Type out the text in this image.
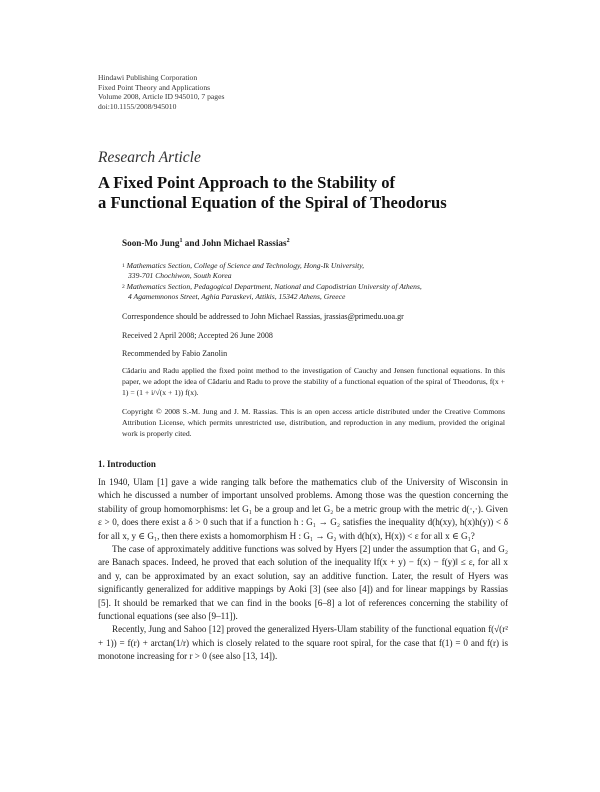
Hindawi Publishing Corporation
Fixed Point Theory and Applications
Volume 2008, Article ID 945010, 7 pages
doi:10.1155/2008/945010
Research Article
A Fixed Point Approach to the Stability of
a Functional Equation of the Spiral of Theodorus
Soon-Mo Jung$^1$ and John Michael Rassias$^2$
$^1$ Mathematics Section, College of Science and Technology, Hong-Ik University,
339-701 Chochiwon, South Korea
$^2$ Mathematics Section, Pedagogical Department, National and Capodistrian University of Athens,
4 Agamemnonos Street, Aghia Paraskevi, Attikis, 15342 Athens, Greece
Correspondence should be addressed to John Michael Rassias, jrassias@primedu.uoa.gr
Received 2 April 2008; Accepted 26 June 2008
Recommended by Fabio Zanolin
Cădariu and Radu applied the fixed point method to the investigation of Cauchy and Jensen functional equations. In this paper, we adopt the idea of Cădariu and Radu to prove the stability of a functional equation of the spiral of Theodorus, f(x + 1) = (1 + i/√(x + 1)) f(x).
Copyright © 2008 S.-M. Jung and J. M. Rassias. This is an open access article distributed under the Creative Commons Attribution License, which permits unrestricted use, distribution, and reproduction in any medium, provided the original work is properly cited.
1. Introduction

In 1940, Ulam [1] gave a wide ranging talk before the mathematics club of the University of Wisconsin in which he discussed a number of important unsolved problems. Among those was the question concerning the stability of group homomorphisms: let G₁ be a group and let G₂ be a metric group with the metric d(·,·). Given ε > 0, does there exist a δ > 0 such that if a function h : G₁ → G₂ satisfies the inequality d(h(xy), h(x)h(y)) < δ for all x, y ∈ G₁, then there exists a homomorphism H : G₁ → G₂ with d(h(x), H(x)) < ε for all x ∈ G₁?

The case of approximately additive functions was solved by Hyers [2] under the assumption that G₁ and G₂ are Banach spaces. Indeed, he proved that each solution of the inequality ‖f(x + y) − f(x) − f(y)‖ ≤ ε, for all x and y, can be approximated by an exact solution, say an additive function. Later, the result of Hyers was significantly generalized for additive mappings by Aoki [3] (see also [4]) and for linear mappings by Rassias [5]. It should be remarked that we can find in the books [6–8] a lot of references concerning the stability of functional equations (see also [9–11]).

Recently, Jung and Sahoo [12] proved the generalized Hyers-Ulam stability of the functional equation f(√(r² + 1)) = f(r) + arctan(1/r) which is closely related to the square root spiral, for the case that f(1) = 0 and f(r) is monotone increasing for r > 0 (see also [13, 14]).
